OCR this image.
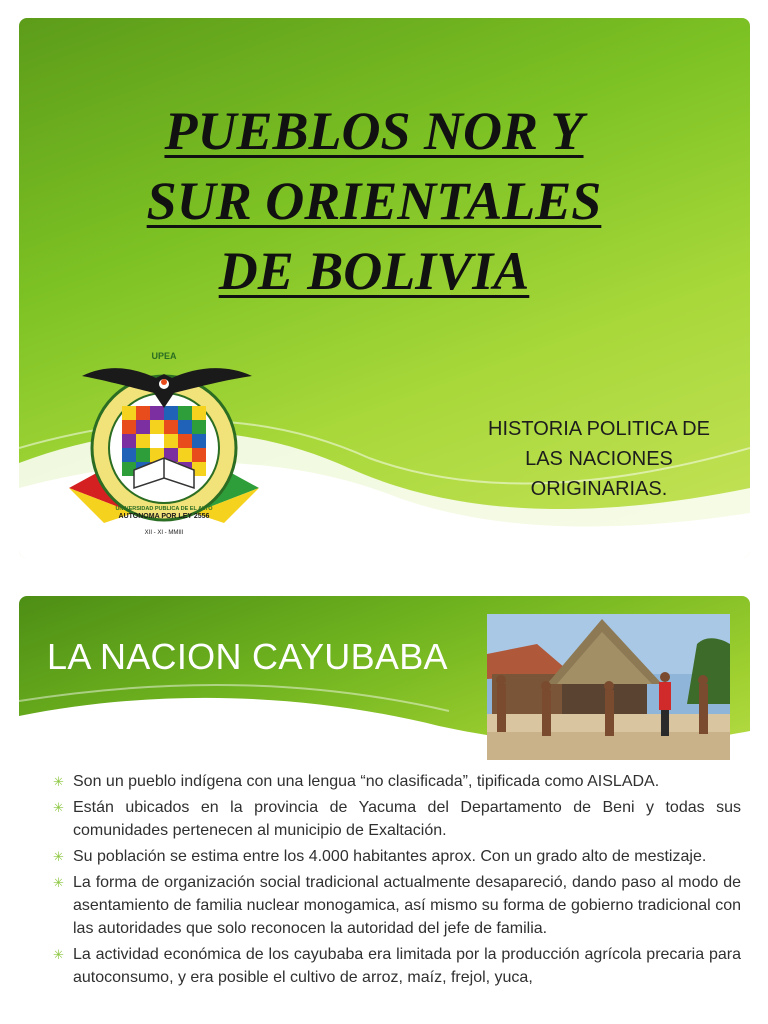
PUEBLOS NOR Y
SUR ORIENTALES
DE BOLIVIA
UPEA
AUTONOMA POR LEY 2556
XII - XI - MMIII
UNIVERSIDAD PUBLICA DE EL ALTO
HISTORIA POLITICA DE
LAS NACIONES
ORIGINARIAS.
LA NACION CAYUBABA
✳ Son un pueblo indígena con una lengua “no clasificada”, tipificada como AISLADA.
✳ Están ubicados en la provincia de Yacuma del Departamento de Beni y todas sus comunidades pertenecen al municipio de Exaltación.
✳ Su población se estima entre los 4.000 habitantes aprox. Con un grado alto de mestizaje.
✳ La forma de organización social tradicional actualmente desapareció, dando paso al modo de asentamiento de familia nuclear monogamica, así mismo su forma de gobierno tradicional con las autoridades que solo reconocen la autoridad del jefe de familia.
✳ La actividad económica de los cayubaba era limitada por la producción agrícola precaria para autoconsumo, y era posible el cultivo de arroz, maíz, frejol, yuca,
